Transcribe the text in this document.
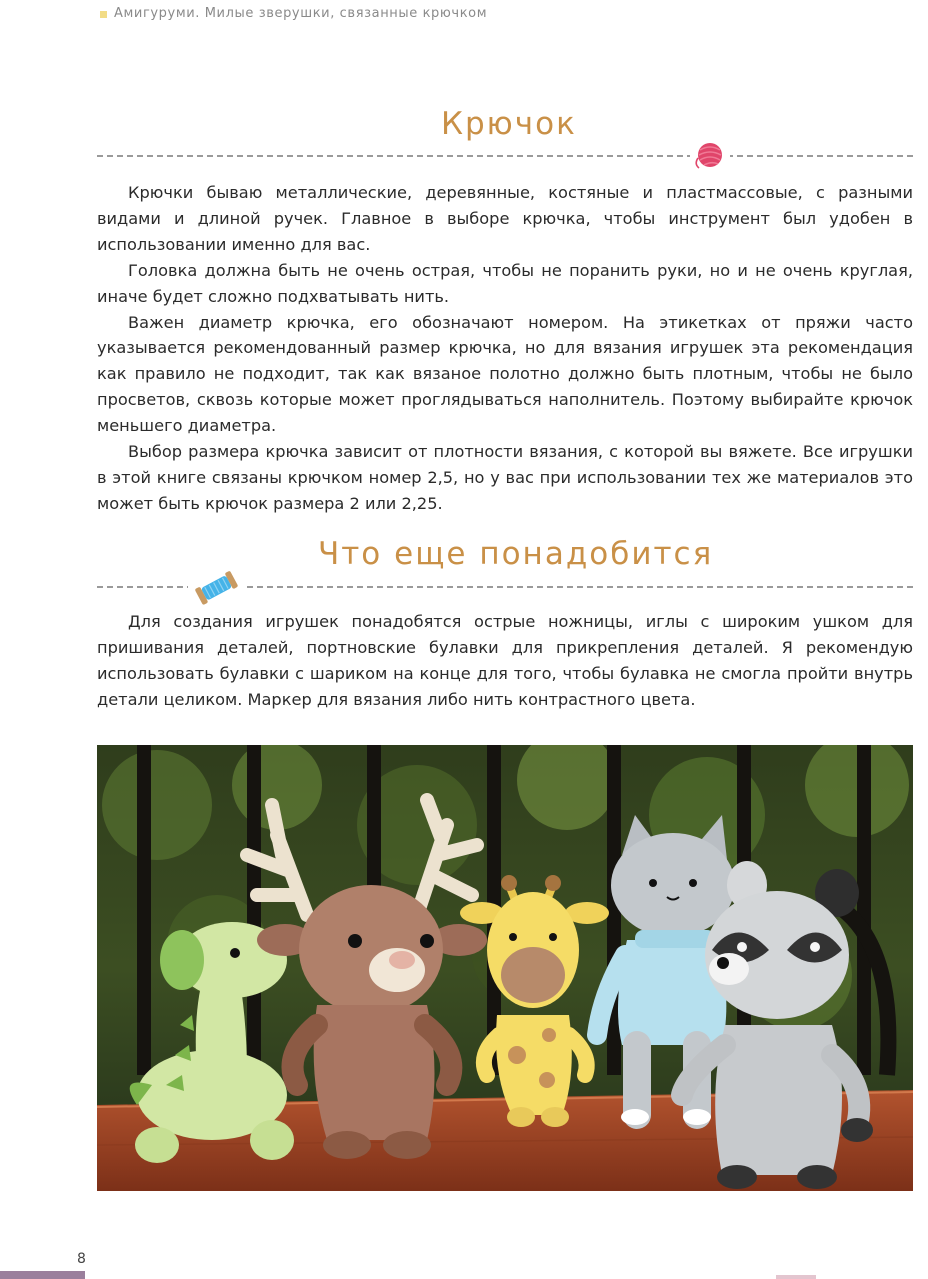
Амигуруми. Милые зверушки, связанные крючком
Крючок

Крючки бываю металлические, деревянные, костяные и пластмассовые, с разными видами и длиной ручек. Главное в выборе крючка, чтобы инструмент был удобен в использовании именно для вас.

Головка должна быть не очень острая, чтобы не поранить руки, но и не очень круглая, иначе будет сложно подхватывать нить.

Важен диаметр крючка, его обозначают номером. На этикетках от пряжи часто указывается рекомендованный размер крючка, но для вязания игрушек эта рекомендация как правило не подходит, так как вязаное полотно должно быть плотным, чтобы не было просветов, сквозь которые может проглядываться наполнитель. Поэтому выбирайте крючок меньшего диаметра.

Выбор размера крючка зависит от плотности вязания, с которой вы вяжете. Все игрушки в этой книге связаны крючком номер 2,5, но у вас при использовании тех же материалов это может быть крючок размера 2 или 2,25.

Что еще понадобится

Для создания игрушек понадобятся острые ножницы, иглы с широким ушком для пришивания деталей, портновские булавки для прикрепления деталей. Я рекомендую использовать булавки с шариком на конце для того, чтобы булавка не смогла пройти внутрь детали целиком. Маркер для вязания либо нить контрастного цвета.

8
